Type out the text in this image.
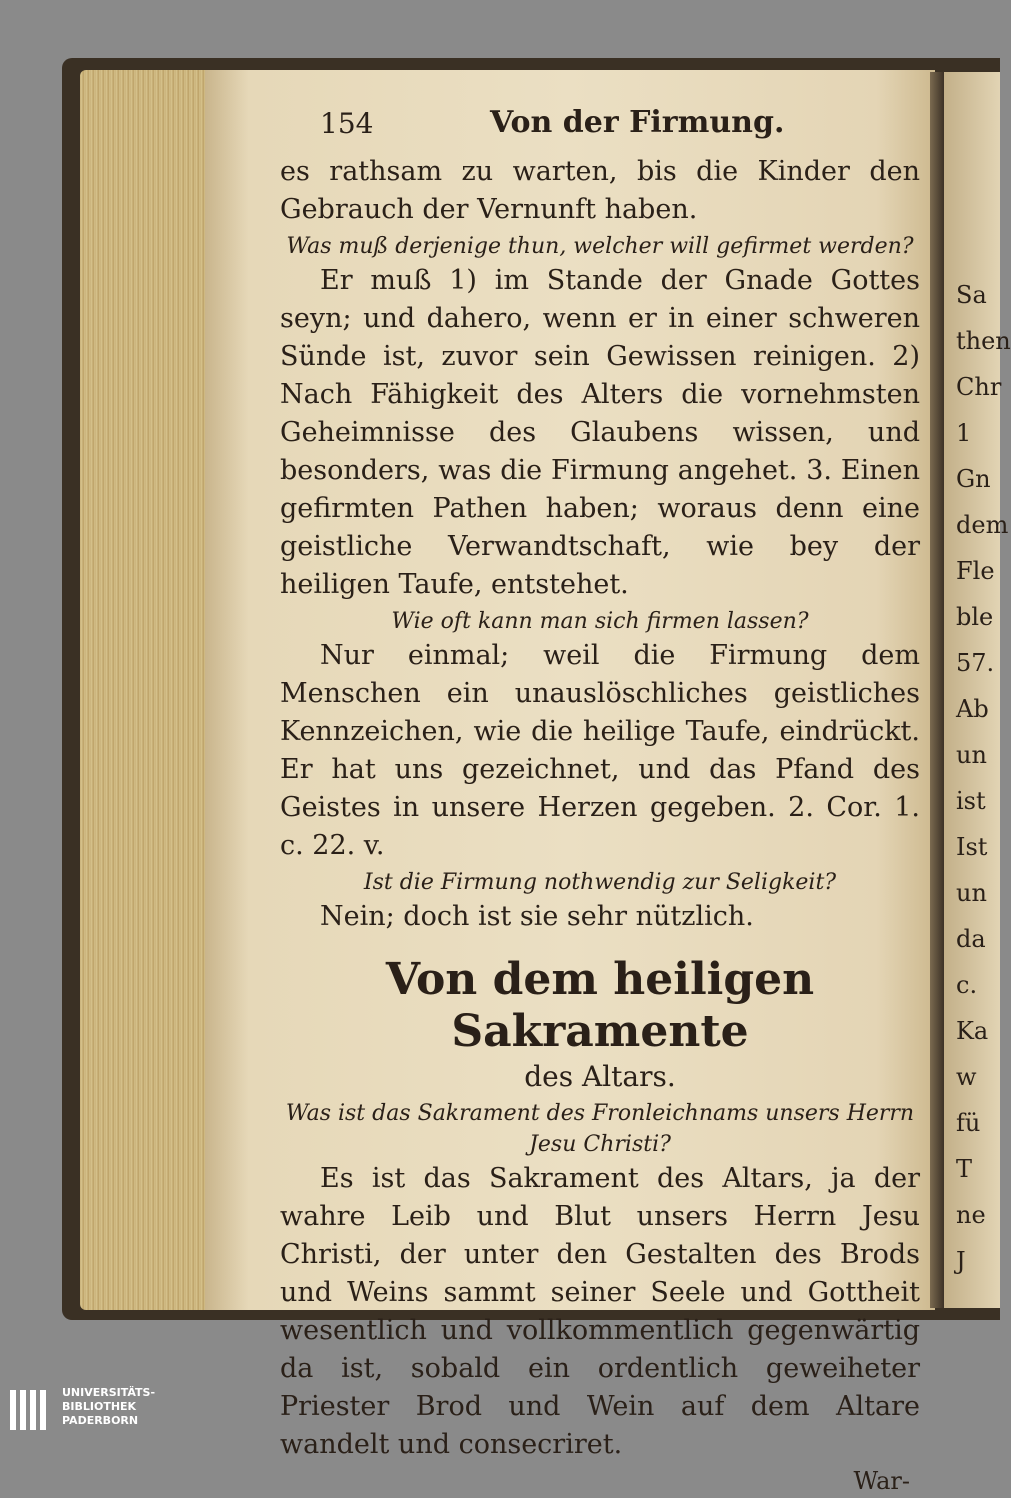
Sa
then
Chr
1
Gn
dem
Fle
ble
57.
Ab
un
ist
Ist
un
da
c.
Ka
w
fü
T
ne
J
154	Von der Firmung.

es rathsam zu warten, bis die Kinder den Gebrauch der Vernunft haben.

Was muß derjenige thun, welcher will gefirmet werden?

Er muß 1) im Stande der Gnade Gottes seyn; und dahero, wenn er in einer schweren Sünde ist, zuvor sein Gewissen reinigen. 2) Nach Fähigkeit des Alters die vornehmsten Geheimnisse des Glaubens wissen, und besonders, was die Firmung angehet. 3. Einen gefirmten Pathen haben; woraus denn eine geistliche Verwandtschaft, wie bey der heiligen Taufe, entstehet.

Wie oft kann man sich firmen lassen?

Nur einmal; weil die Firmung dem Menschen ein unauslöschliches geistliches Kennzeichen, wie die heilige Taufe, eindrückt. Er hat uns gezeichnet, und das Pfand des Geistes in unsere Herzen gegeben. 2. Cor. 1. c. 22. v.

Ist die Firmung nothwendig zur Seligkeit?

Nein; doch ist sie sehr nützlich.

Von dem heiligen Sakramente
des Altars.

Was ist das Sakrament des Fronleichnams unsers Herrn Jesu Christi?

Es ist das Sakrament des Altars, ja der wahre Leib und Blut unsers Herrn Jesu Christi, der unter den Gestalten des Brods und Weins sammt seiner Seele und Gottheit wesentlich und vollkommentlich gegenwärtig da ist, sobald ein ordentlich geweiheter Priester Brod und Wein auf dem Altare wandelt und consecriret.

War-
UNIVERSITÄTS-
BIBLIOTHEK
PADERBORN
